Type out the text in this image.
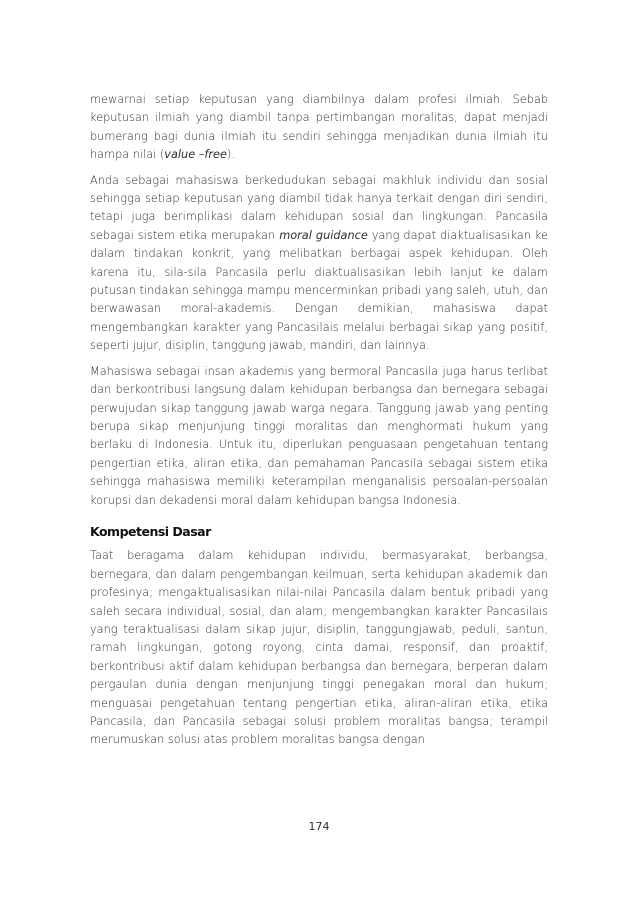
mewarnai setiap keputusan yang diambilnya dalam profesi ilmiah. Sebab keputusan ilmiah yang diambil tanpa pertimbangan moralitas, dapat menjadi bumerang bagi dunia ilmiah itu sendiri sehingga menjadikan dunia ilmiah itu hampa nilai (value –free).

Anda sebagai mahasiswa berkedudukan sebagai makhluk individu dan sosial sehingga setiap keputusan yang diambil tidak hanya terkait dengan diri sendiri, tetapi juga berimplikasi dalam kehidupan sosial dan lingkungan. Pancasila sebagai sistem etika merupakan moral guidance yang dapat diaktualisasikan ke dalam tindakan konkrit, yang melibatkan berbagai aspek kehidupan. Oleh karena itu, sila-sila Pancasila perlu diaktualisasikan lebih lanjut ke dalam putusan tindakan sehingga mampu mencerminkan pribadi yang saleh, utuh, dan berwawasan moral-akademis. Dengan demikian, mahasiswa dapat mengembangkan karakter yang Pancasilais melalui berbagai sikap yang positif, seperti jujur, disiplin, tanggung jawab, mandiri, dan lainnya.

Mahasiswa sebagai insan akademis yang bermoral Pancasila juga harus terlibat dan berkontribusi langsung dalam kehidupan berbangsa dan bernegara sebagai perwujudan sikap tanggung jawab warga negara. Tanggung jawab yang penting berupa sikap menjunjung tinggi moralitas dan menghormati hukum yang berlaku di Indonesia. Untuk itu, diperlukan penguasaan pengetahuan tentang pengertian etika, aliran etika, dan pemahaman Pancasila sebagai sistem etika sehingga mahasiswa memiliki keterampilan menganalisis persoalan-persoalan korupsi dan dekadensi moral dalam kehidupan bangsa Indonesia.

Kompetensi Dasar

Taat beragama dalam kehidupan individu, bermasyarakat, berbangsa, bernegara, dan dalam pengembangan keilmuan, serta kehidupan akademik dan profesinya; mengaktualisasikan nilai-nilai Pancasila dalam bentuk pribadi yang saleh secara individual, sosial, dan alam; mengembangkan karakter Pancasilais yang teraktualisasi dalam sikap jujur, disiplin, tanggungjawab, peduli, santun, ramah lingkungan, gotong royong, cinta damai, responsif, dan proaktif; berkontribusi aktif dalam kehidupan berbangsa dan bernegara, berperan dalam pergaulan dunia dengan menjunjung tinggi penegakan moral dan hukum; menguasai pengetahuan tentang pengertian etika, aliran-aliran etika, etika Pancasila, dan Pancasila sebagai solusi problem moralitas bangsa; terampil merumuskan solusi atas problem moralitas bangsa dengan

174
